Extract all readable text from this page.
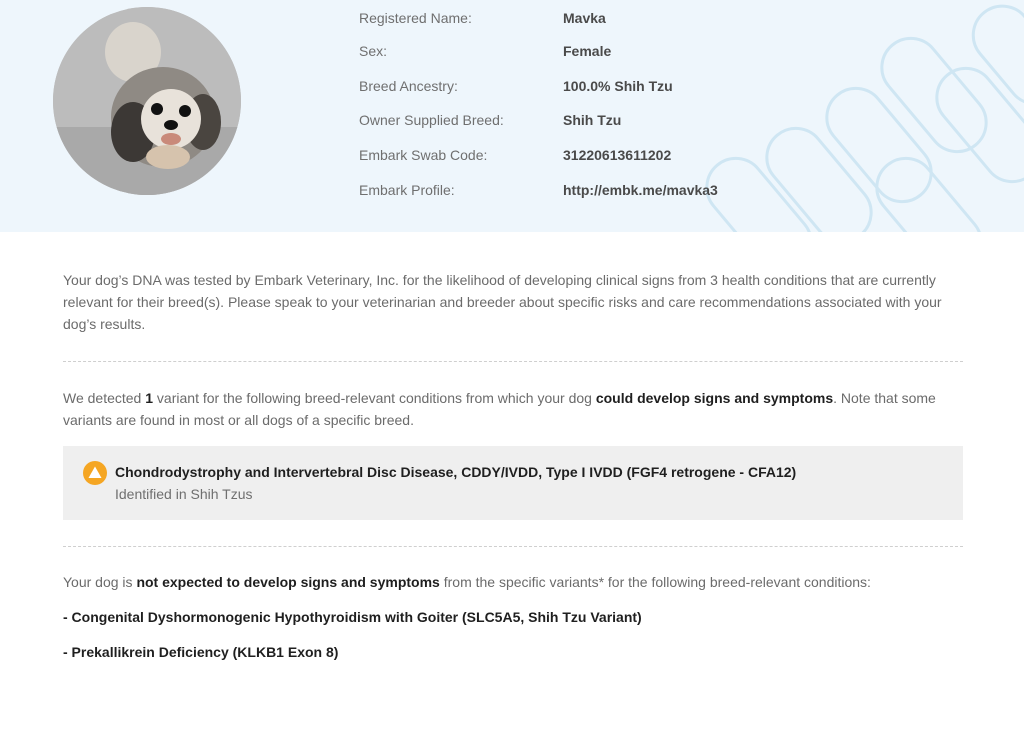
Registered Name:	Mavka
Sex:	Female
Breed Ancestry:	100.0% Shih Tzu
Owner Supplied Breed:	Shih Tzu
Embark Swab Code:	31220613611202
Embark Profile:	http://embk.me/mavka3

Your dog’s DNA was tested by Embark Veterinary, Inc. for the likelihood of developing clinical signs from 3 health conditions that are currently relevant for their breed(s). Please speak to your veterinarian and breeder about specific risks and care recommendations associated with your dog’s results.

We detected 1 variant for the following breed-relevant conditions from which your dog could develop signs and symptoms. Note that some variants are found in most or all dogs of a specific breed.

Chondrodystrophy and Intervertebral Disc Disease, CDDY/IVDD, Type I IVDD (FGF4 retrogene - CFA12)
Identified in Shih Tzus

Your dog is not expected to develop signs and symptoms from the specific variants* for the following breed-relevant conditions:

- Congenital Dyshormonogenic Hypothyroidism with Goiter (SLC5A5, Shih Tzu Variant)
- Prekallikrein Deficiency (KLKB1 Exon 8)
